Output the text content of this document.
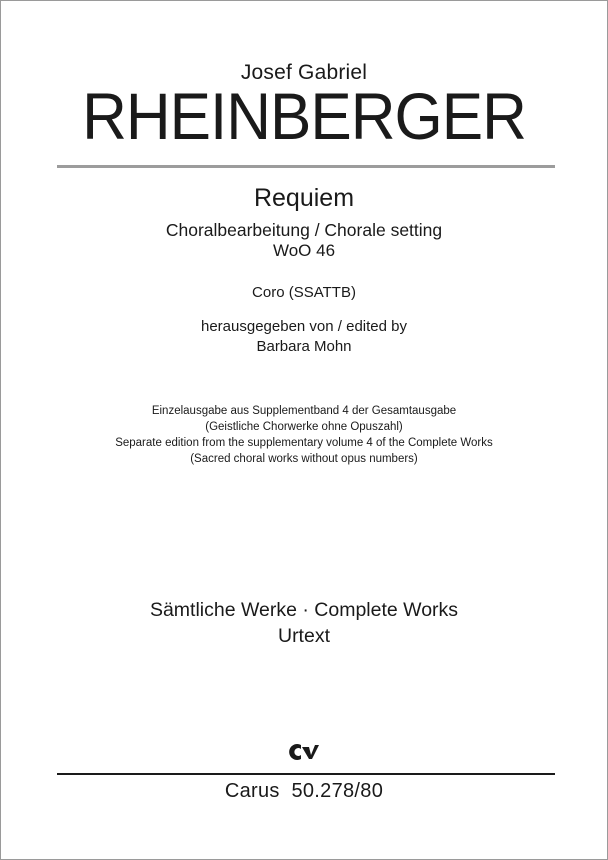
Josef Gabriel
RHEINBERGER
Requiem
Choralbearbeitung / Chorale setting
WoO 46
Coro (SSATTB)
herausgegeben von / edited by
Barbara Mohn
Einzelausgabe aus Supplementband 4 der Gesamtausgabe
(Geistliche Chorwerke ohne Opuszahl)
Separate edition from the supplementary volume 4 of the Complete Works
(Sacred choral works without opus numbers)
Sämtliche Werke · Complete Works
Urtext
Carus  50.278/80
